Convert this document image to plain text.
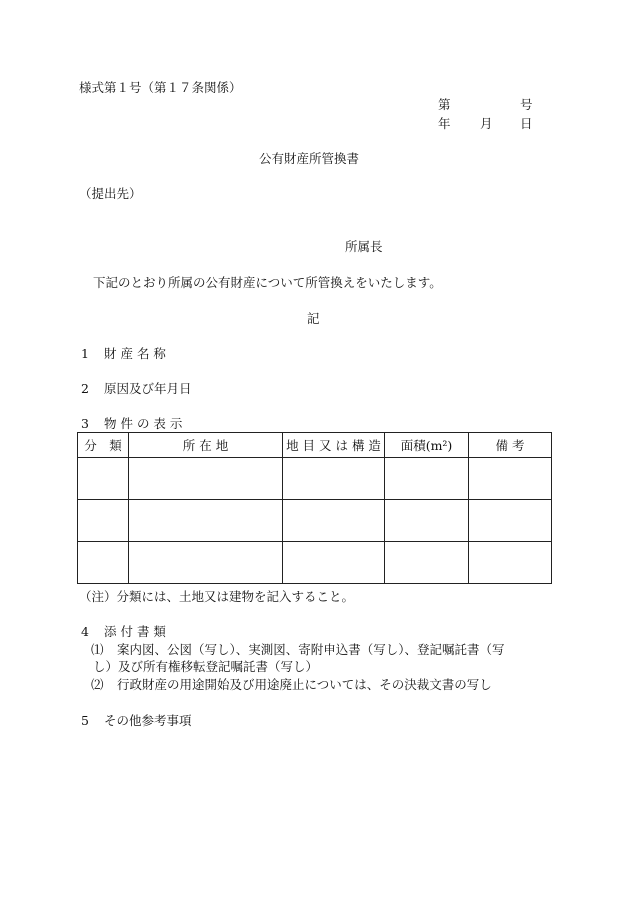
様式第１号（第１７条関係）
第	号
年 月 日
公有財産所管換書
（提出先）
所属長
下記のとおり所属の公有財産について所管換えをいたします。
記
1 財 産 名 称
2 原因及び年月日
3 物 件 の 表 示
分　類	所 在 地	地 目 又 は 構 造	面積(m²)	備 考

（注）分類には、土地又は建物を記入すること。
4 添 付 書 類
⑴ 案内図、公図（写し）、実測図、寄附申込書（写し）、登記嘱託書（写
し）及び所有権移転登記嘱託書（写し）
⑵ 行政財産の用途開始及び用途廃止については、その決裁文書の写し
5 その他参考事項
